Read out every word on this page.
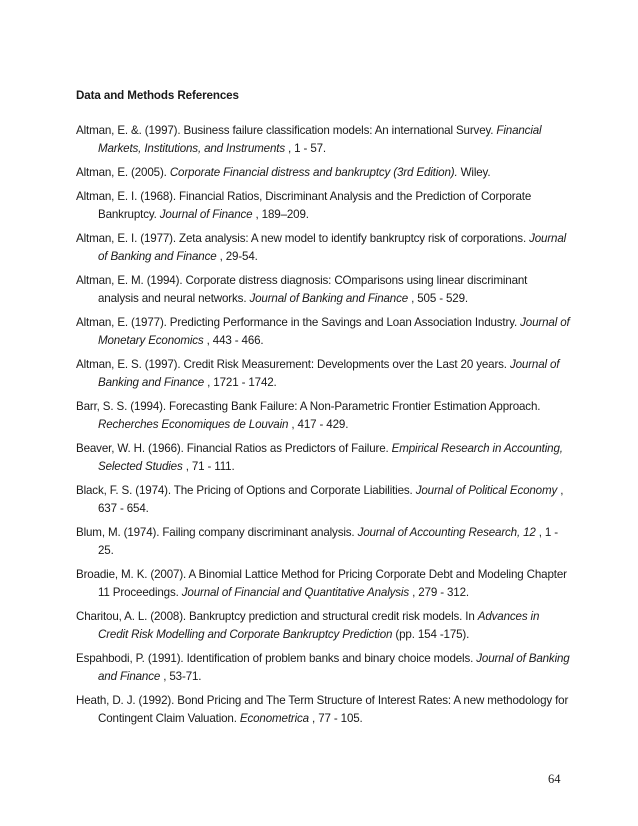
Data and Methods References

Altman, E. &. (1997). Business failure classification models: An international Survey. Financial Markets, Institutions, and Instruments , 1 - 57.

Altman, E. (2005). Corporate Financial distress and bankruptcy (3rd Edition). Wiley.

Altman, E. I. (1968). Financial Ratios, Discriminant Analysis and the Prediction of Corporate Bankruptcy. Journal of Finance , 189–209.

Altman, E. I. (1977). Zeta analysis: A new model to identify bankruptcy risk of corporations. Journal of Banking and Finance , 29-54.

Altman, E. M. (1994). Corporate distress diagnosis: COmparisons using linear discriminant analysis and neural networks. Journal of Banking and Finance , 505 - 529.

Altman, E. (1977). Predicting Performance in the Savings and Loan Association Industry. Journal of Monetary Economics , 443 - 466.

Altman, E. S. (1997). Credit Risk Measurement: Developments over the Last 20 years. Journal of Banking and Finance , 1721 - 1742.

Barr, S. S. (1994). Forecasting Bank Failure: A Non-Parametric Frontier Estimation Approach. Recherches Economiques de Louvain , 417 - 429.

Beaver, W. H. (1966). Financial Ratios as Predictors of Failure. Empirical Research in Accounting, Selected Studies , 71 - 111.

Black, F. S. (1974). The Pricing of Options and Corporate Liabilities. Journal of Political Economy , 637 - 654.

Blum, M. (1974). Failing company discriminant analysis. Journal of Accounting Research, 12 , 1 - 25.

Broadie, M. K. (2007). A Binomial Lattice Method for Pricing Corporate Debt and Modeling Chapter 11 Proceedings. Journal of Financial and Quantitative Analysis , 279 - 312.

Charitou, A. L. (2008). Bankruptcy prediction and structural credit risk models. In Advances in Credit Risk Modelling and Corporate Bankruptcy Prediction (pp. 154 -175).

Espahbodi, P. (1991). Identification of problem banks and binary choice models. Journal of Banking and Finance , 53-71.

Heath, D. J. (1992). Bond Pricing and The Term Structure of Interest Rates: A new methodology for Contingent Claim Valuation. Econometrica , 77 - 105.

64
